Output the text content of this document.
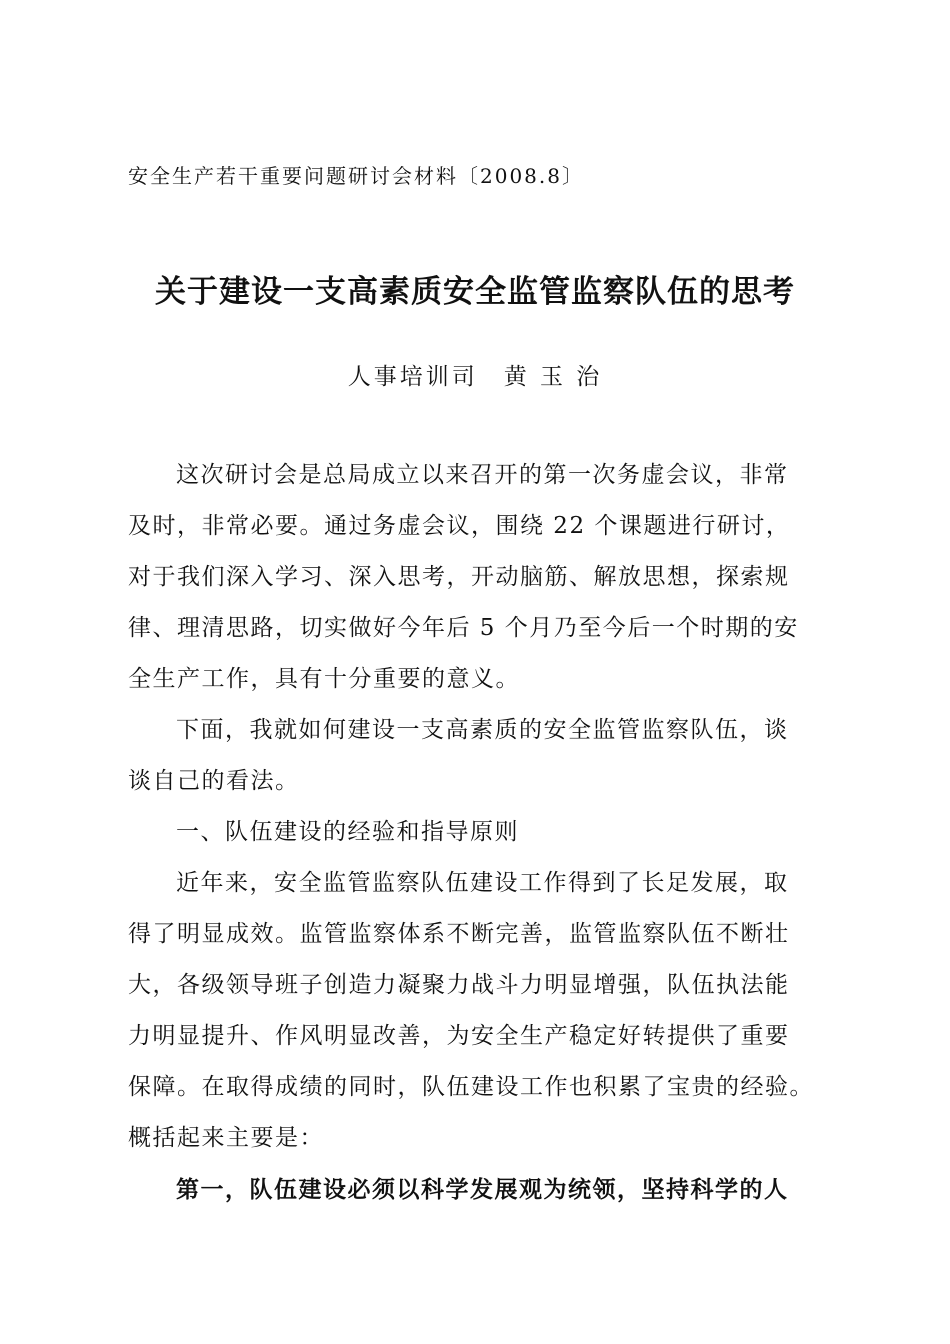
安全生产若干重要问题研讨会材料〔2008.8〕
关于建设一支高素质安全监管监察队伍的思考
人事培训司 黄 玉 治
这次研讨会是总局成立以来召开的第一次务虚会议，非常
及时，非常必要。通过务虚会议，围绕 22 个课题进行研讨，
对于我们深入学习、深入思考，开动脑筋、解放思想，探索规
律、理清思路，切实做好今年后 5 个月乃至今后一个时期的安
全生产工作，具有十分重要的意义。
下面，我就如何建设一支高素质的安全监管监察队伍，谈
谈自己的看法。
一、队伍建设的经验和指导原则
近年来，安全监管监察队伍建设工作得到了长足发展，取
得了明显成效。监管监察体系不断完善，监管监察队伍不断壮
大，各级领导班子创造力凝聚力战斗力明显增强，队伍执法能
力明显提升、作风明显改善，为安全生产稳定好转提供了重要
保障。在取得成绩的同时，队伍建设工作也积累了宝贵的经验。
概括起来主要是：
第一，队伍建设必须以科学发展观为统领，坚持科学的人
